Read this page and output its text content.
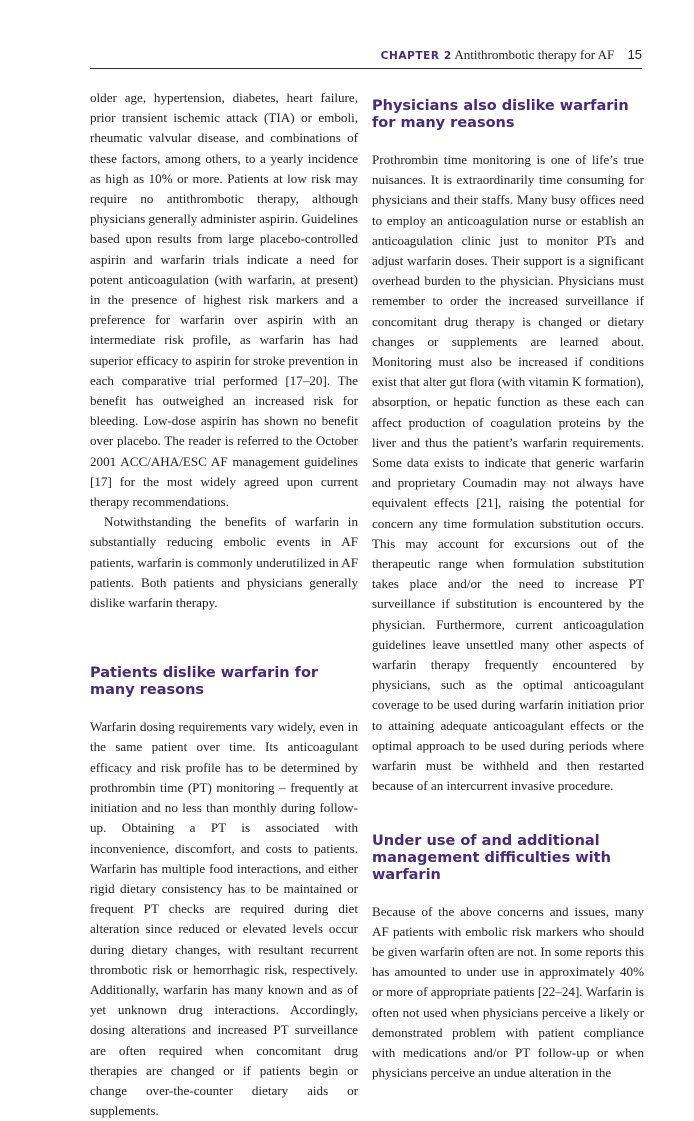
CHAPTER 2 Antithrombotic therapy for AF 15

older age, hypertension, diabetes, heart failure, prior transient ischemic attack (TIA) or emboli, rheumatic valvular disease, and combinations of these factors, among others, to a yearly incidence as high as 10% or more. Patients at low risk may require no antithrombotic therapy, although physicians generally administer aspirin. Guidelines based upon results from large placebo-controlled aspirin and warfarin trials indicate a need for potent anticoagulation (with warfarin, at present) in the presence of highest risk markers and a preference for warfarin over aspirin with an intermediate risk profile, as warfarin has had superior efficacy to aspirin for stroke prevention in each comparative trial performed [17–20]. The benefit has outweighed an increased risk for bleeding. Low-dose aspirin has shown no benefit over placebo. The reader is referred to the October 2001 ACC/AHA/ESC AF management guidelines [17] for the most widely agreed upon current therapy recommendations.

Notwithstanding the benefits of warfarin in substantially reducing embolic events in AF patients, warfarin is commonly underutilized in AF patients. Both patients and physicians generally dislike warfarin therapy.

Patients dislike warfarin for many reasons

Warfarin dosing requirements vary widely, even in the same patient over time. Its anticoagulant efficacy and risk profile has to be determined by prothrombin time (PT) monitoring – frequently at initiation and no less than monthly during follow-up. Obtaining a PT is associated with inconvenience, discomfort, and costs to patients. Warfarin has multiple food interactions, and either rigid dietary consistency has to be maintained or frequent PT checks are required during diet alteration since reduced or elevated levels occur during dietary changes, with resultant recurrent thrombotic risk or hemorrhagic risk, respectively. Additionally, warfarin has many known and as of yet unknown drug interactions. Accordingly, dosing alterations and increased PT surveillance are often required when concomitant drug therapies are changed or if patients begin or change over-the-counter dietary aids or supplements.

Physicians also dislike warfarin for many reasons

Prothrombin time monitoring is one of life’s true nuisances. It is extraordinarily time consuming for physicians and their staffs. Many busy offices need to employ an anticoagulation nurse or establish an anticoagulation clinic just to monitor PTs and adjust warfarin doses. Their support is a significant overhead burden to the physician. Physicians must remember to order the increased surveillance if concomitant drug therapy is changed or dietary changes or supplements are learned about. Monitoring must also be increased if conditions exist that alter gut flora (with vitamin K formation), absorption, or hepatic function as these each can affect production of coagulation proteins by the liver and thus the patient’s warfarin requirements. Some data exists to indicate that generic warfarin and proprietary Coumadin may not always have equivalent effects [21], raising the potential for concern any time formulation substitution occurs. This may account for excursions out of the therapeutic range when formulation substitution takes place and/or the need to increase PT surveillance if substitution is encountered by the physician. Furthermore, current anticoagulation guidelines leave unsettled many other aspects of warfarin therapy frequently encountered by physicians, such as the optimal anticoagulant coverage to be used during warfarin initiation prior to attaining adequate anticoagulant effects or the optimal approach to be used during periods where warfarin must be withheld and then restarted because of an intercurrent invasive procedure.

Under use of and additional management difficulties with warfarin

Because of the above concerns and issues, many AF patients with embolic risk markers who should be given warfarin often are not. In some reports this has amounted to under use in approximately 40% or more of appropriate patients [22–24]. Warfarin is often not used when physicians perceive a likely or demonstrated problem with patient compliance with medications and/or PT follow-up or when physicians perceive an undue alteration in the
